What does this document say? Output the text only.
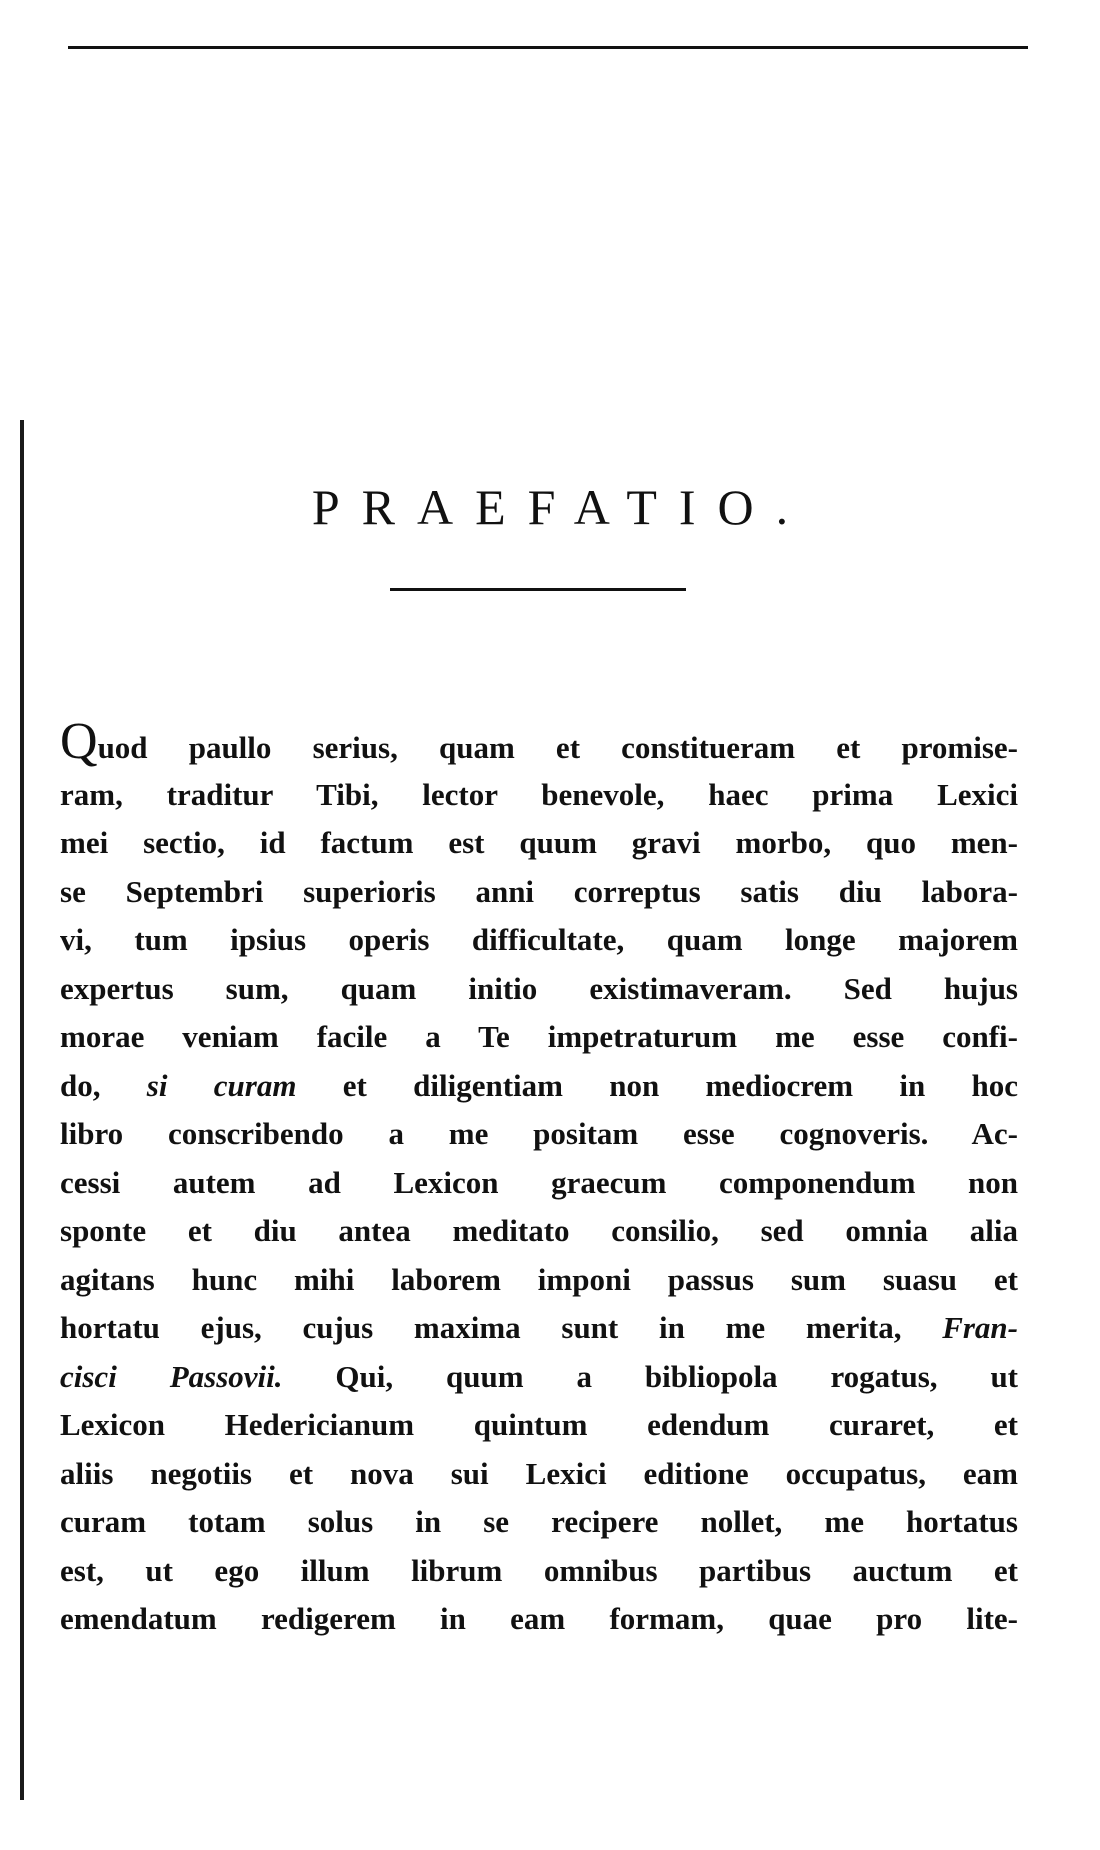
PRAEFATIO.
Quod paullo serius, quam et constitueram et promise-
ram, traditur Tibi, lector benevole, haec prima Lexici
mei sectio, id factum est quum gravi morbo, quo men-
se Septembri superioris anni correptus satis diu labora-
vi, tum ipsius operis difficultate, quam longe majorem
expertus sum, quam initio existimaveram. Sed hujus
morae veniam facile a Te impetraturum me esse confi-
do, si curam et diligentiam non mediocrem in hoc
libro conscribendo a me positam esse cognoveris. Ac-
cessi autem ad Lexicon graecum componendum non
sponte et diu antea meditato consilio, sed omnia alia
agitans hunc mihi laborem imponi passus sum suasu et
hortatu ejus, cujus maxima sunt in me merita, Fran-
cisci Passovii. Qui, quum a bibliopola rogatus, ut
Lexicon Hedericianum quintum edendum curaret, et
aliis negotiis et nova sui Lexici editione occupatus, eam
curam totam solus in se recipere nollet, me hortatus
est, ut ego illum librum omnibus partibus auctum et
emendatum redigerem in eam formam, quae pro lite-
